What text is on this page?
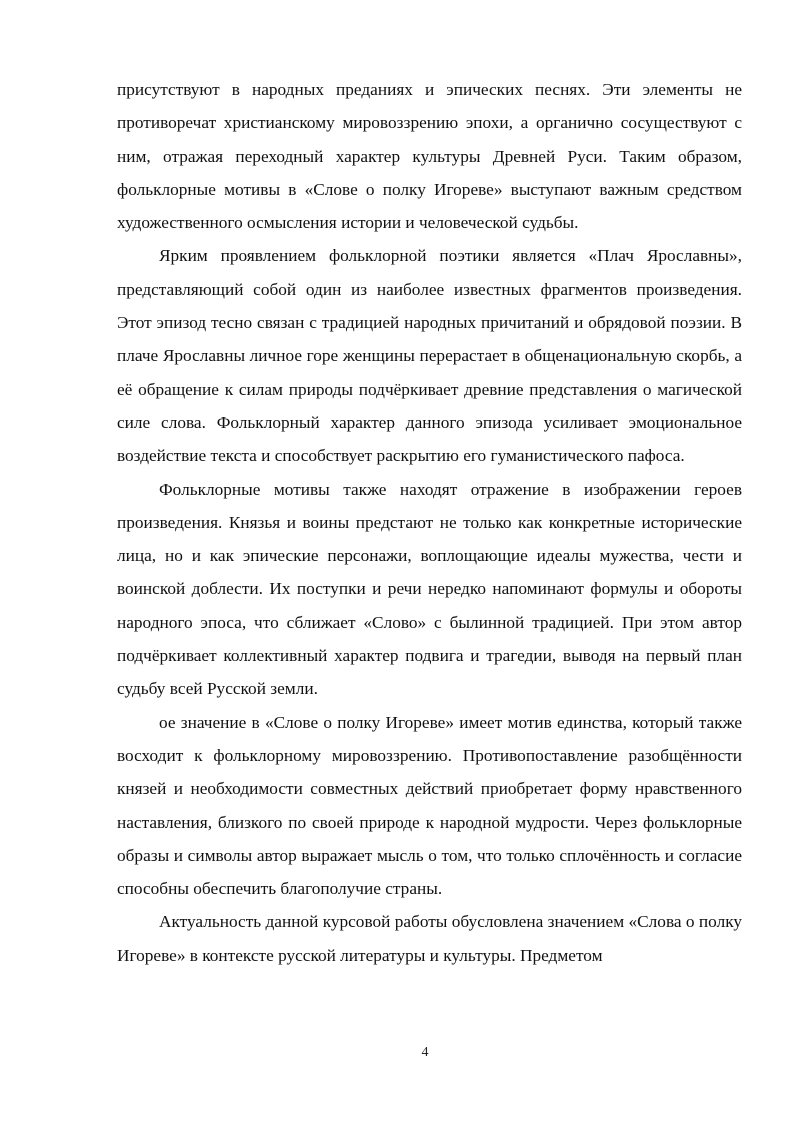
присутствуют в народных преданиях и эпических песнях. Эти элементы не противоречат христианскому мировоззрению эпохи, а органично сосуществуют с ним, отражая переходный характер культуры Древней Руси. Таким образом, фольклорные мотивы в «Слове о полку Игореве» выступают важным средством художественного осмысления истории и человеческой судьбы.

Ярким проявлением фольклорной поэтики является «Плач Ярославны», представляющий собой один из наиболее известных фрагментов произведения. Этот эпизод тесно связан с традицией народных причитаний и обрядовой поэзии. В плаче Ярославны личное горе женщины перерастает в общенациональную скорбь, а её обращение к силам природы подчёркивает древние представления о магической силе слова. Фольклорный характер данного эпизода усиливает эмоциональное воздействие текста и способствует раскрытию его гуманистического пафоса.

Фольклорные мотивы также находят отражение в изображении героев произведения. Князья и воины предстают не только как конкретные исторические лица, но и как эпические персонажи, воплощающие идеалы мужества, чести и воинской доблести. Их поступки и речи нередко напоминают формулы и обороты народного эпоса, что сближает «Слово» с былинной традицией. При этом автор подчёркивает коллективный характер подвига и трагедии, выводя на первый план судьбу всей Русской земли.

ое значение в «Слове о полку Игореве» имеет мотив единства, который также восходит к фольклорному мировоззрению. Противопоставление разобщённости князей и необходимости совместных действий приобретает форму нравственного наставления, близкого по своей природе к народной мудрости. Через фольклорные образы и символы автор выражает мысль о том, что только сплочённость и согласие способны обеспечить благополучие страны.

Актуальность данной курсовой работы обусловлена значением «Слова о полку Игореве» в контексте русской литературы и культуры. Предметом

4
